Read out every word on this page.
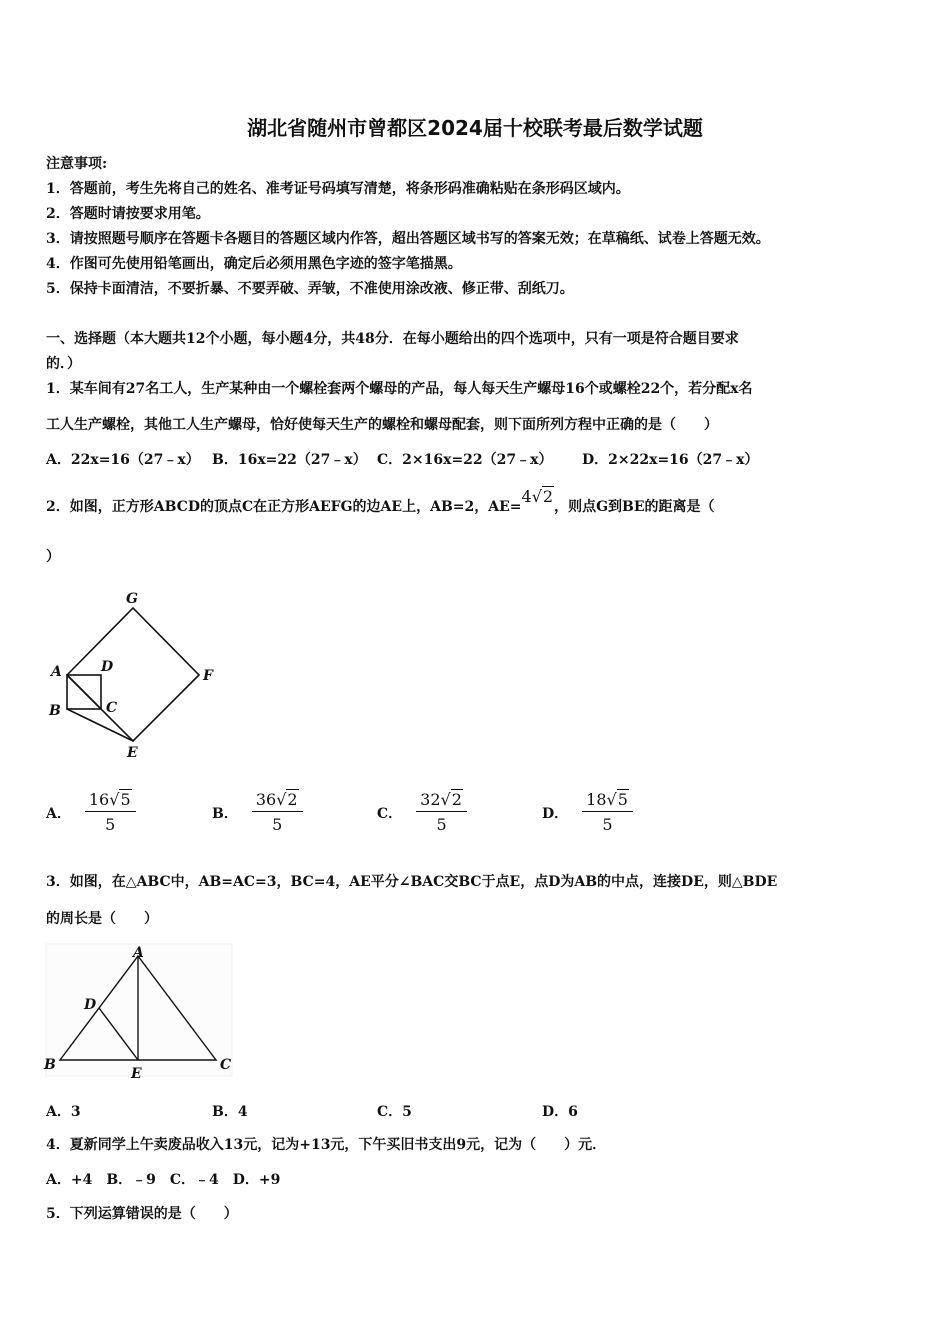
湖北省随州市曾都区2024届十校联考最后数学试题
注意事项:
1．答题前，考生先将自己的姓名、准考证号码填写清楚，将条形码准确粘贴在条形码区域内。
2．答题时请按要求用笔。
3．请按照题号顺序在答题卡各题目的答题区域内作答，超出答题区域书写的答案无效；在草稿纸、试卷上答题无效。
4．作图可先使用铅笔画出，确定后必须用黑色字迹的签字笔描黑。
5．保持卡面清洁，不要折暴、不要弄破、弄皱，不准使用涂改液、修正带、刮纸刀。
一、选择题（本大题共12个小题，每小题4分，共48分．在每小题给出的四个选项中，只有一项是符合题目要求
的．）
1．某车间有27名工人，生产某种由一个螺栓套两个螺母的产品，每人每天生产螺母16个或螺栓22个，若分配x名
工人生产螺栓，其他工人生产螺母，恰好使每天生产的螺栓和螺母配套，则下面所列方程中正确的是（　　）
A．22x=16（27﹣x） B．16x=22（27﹣x） C．2×16x=22（27﹣x） D．2×22x=16（27﹣x）
2．如图，正方形ABCD的顶点C在正方形AEFG的边AE上，AB=2，AE=4√2，则点G到BE的距离是（
）
G
A	D
F
B	C
E
A． $\frac{16√5}{5}$	B． $\frac{36√2}{5}$	C． $\frac{32√2}{5}$	D． $\frac{18√5}{5}$
3．如图，在△ABC中，AB=AC=3，BC=4，AE平分∠BAC交BC于点E，点D为AB的中点，连接DE，则△BDE
的周长是（　　）
A
D
B
E
C
A．3	B．4	C．5	D．6
4．夏新同学上午卖废品收入13元，记为+13元，下午买旧书支出9元，记为（　　）元．
A．+4　B．﹣9　C．﹣4　D．+9
5．下列运算错误的是（　　）
